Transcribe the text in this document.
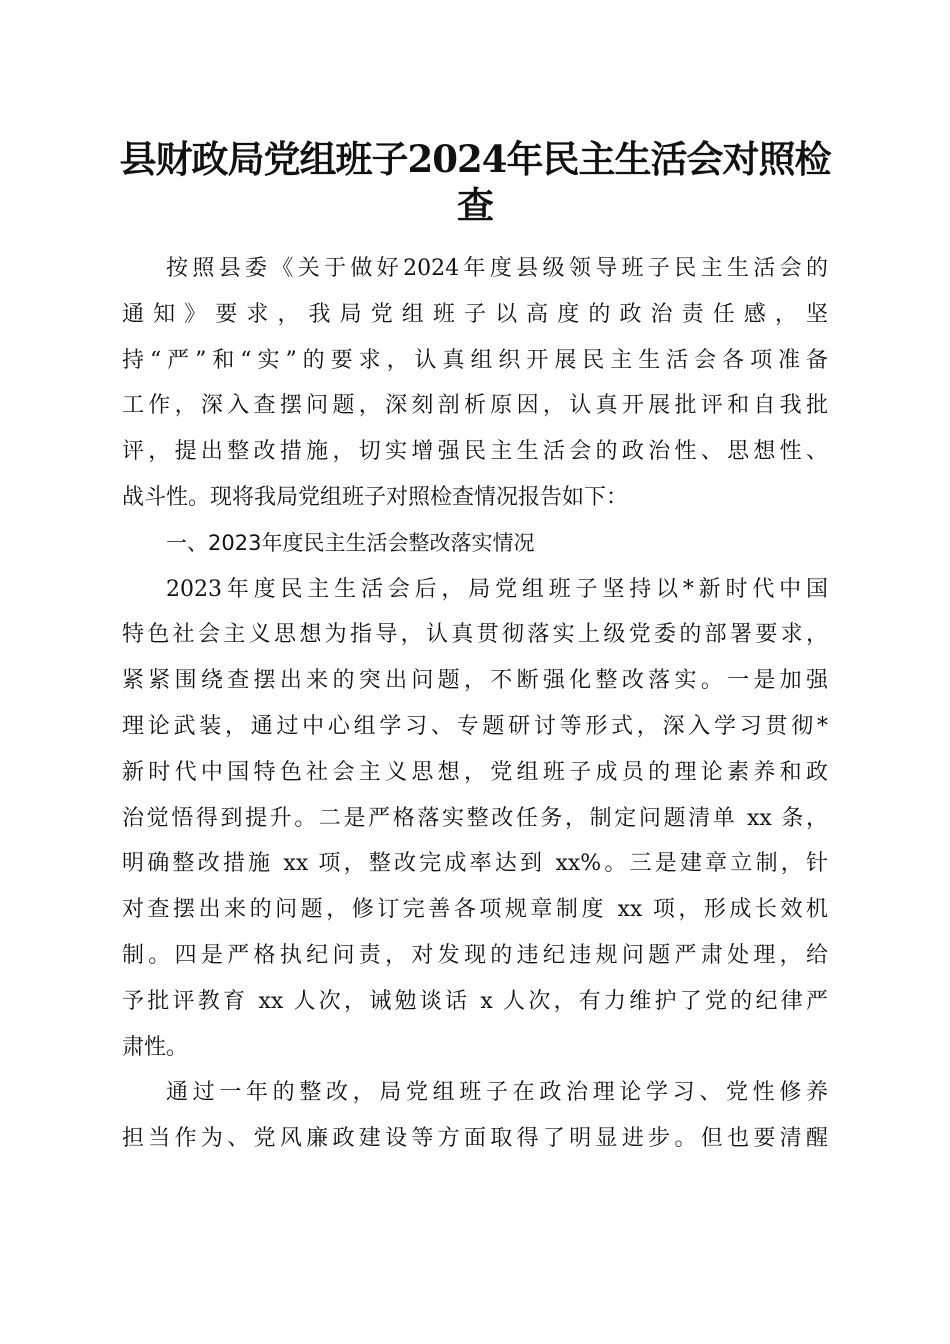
县财政局党组班子2024年民主生活会对照检
查
按照县委《关于做好2024年度县级领导班子民主生活会的
通知》要求，我局党组班子以高度的政治责任感，坚
持“严”和“实”的要求，认真组织开展民主生活会各项准备
工作，深入查摆问题，深刻剖析原因，认真开展批评和自我批
评，提出整改措施，切实增强民主生活会的政治性、思想性、
战斗性。现将我局党组班子对照检查情况报告如下：
一、2023年度民主生活会整改落实情况
2023年度民主生活会后，局党组班子坚持以*新时代中国
特色社会主义思想为指导，认真贯彻落实上级党委的部署要求，
紧紧围绕查摆出来的突出问题，不断强化整改落实。一是加强
理论武装，通过中心组学习、专题研讨等形式，深入学习贯彻*
新时代中国特色社会主义思想，党组班子成员的理论素养和政
治觉悟得到提升。二是严格落实整改任务，制定问题清单 xx 条，
明确整改措施 xx 项，整改完成率达到 xx%。三是建章立制，针
对查摆出来的问题，修订完善各项规章制度 xx 项，形成长效机
制。四是严格执纪问责，对发现的违纪违规问题严肃处理，给
予批评教育 xx 人次，诫勉谈话 x 人次，有力维护了党的纪律严
肃性。
通过一年的整改，局党组班子在政治理论学习、党性修养
担当作为、党风廉政建设等方面取得了明显进步。但也要清醒
